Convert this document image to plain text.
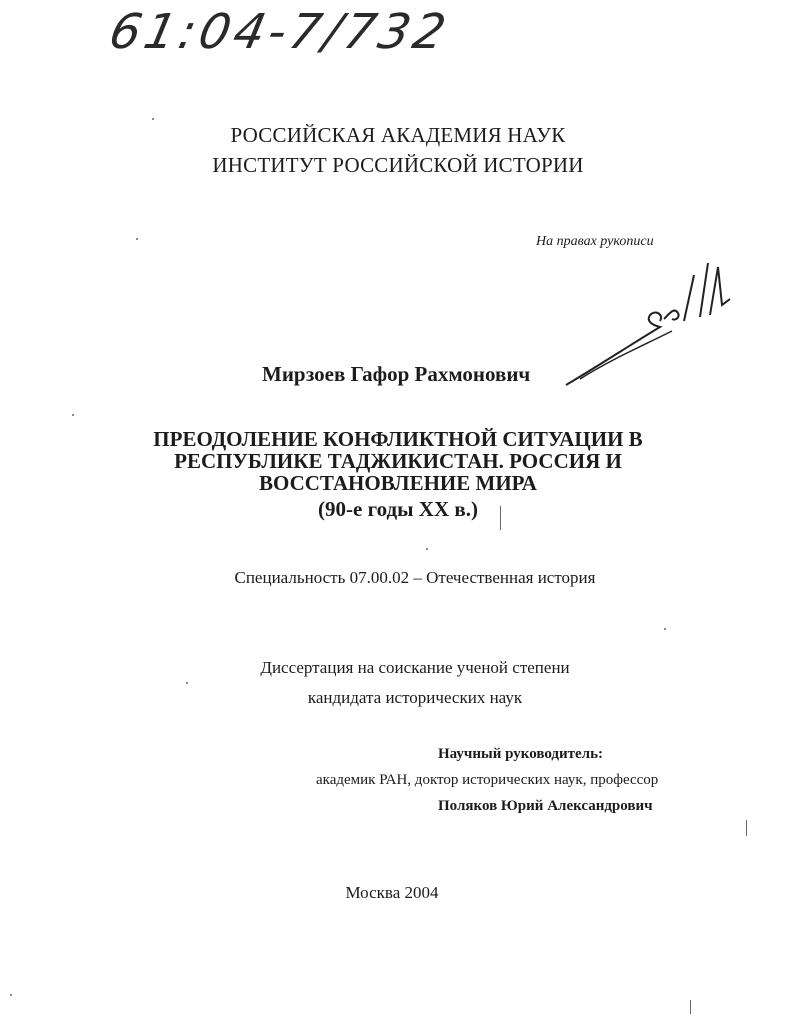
61:04-7/732
РОССИЙСКАЯ АКАДЕМИЯ НАУК
ИНСТИТУТ РОССИЙСКОЙ ИСТОРИИ
На правах рукописи
Мирзоев Гафор Рахмонович
ПРЕОДОЛЕНИЕ КОНФЛИКТНОЙ СИТУАЦИИ В
РЕСПУБЛИКЕ ТАДЖИКИСТАН. РОССИЯ И
ВОССТАНОВЛЕНИЕ МИРА
(90-е годы XX в.)
Специальность 07.00.02 – Отечественная история
Диссертация на соискание ученой степени
кандидата исторических наук
Научный руководитель:
академик РАН, доктор исторических наук, профессор
Поляков Юрий Александрович
Москва 2004
